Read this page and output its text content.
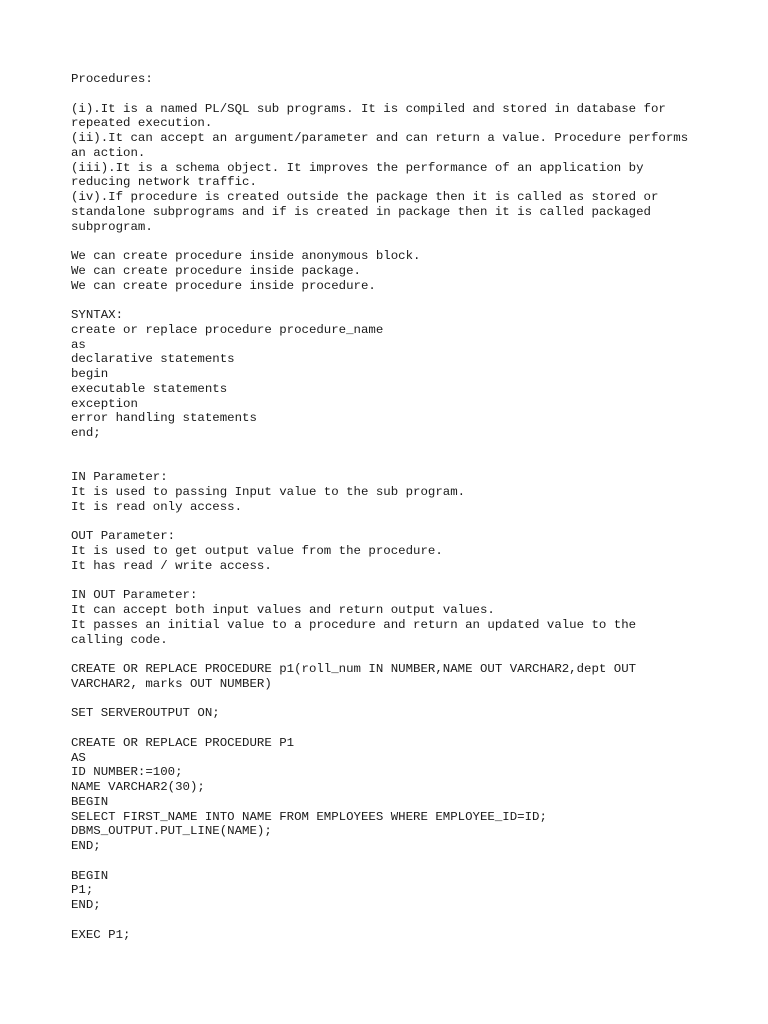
Procedures:
(i).It is a named PL/SQL sub programs. It is compiled and stored in database for
repeated execution.
(ii).It can accept an argument/parameter and can return a value. Procedure performs
an action.
(iii).It is a schema object. It improves the performance of an application by
reducing network traffic.
(iv).If procedure is created outside the package then it is called as stored or
standalone subprograms and if is created in package then it is called packaged
subprogram.
We can create procedure inside anonymous block.
We can create procedure inside package.
We can create procedure inside procedure.
SYNTAX:
create or replace procedure procedure_name
as
declarative statements
begin
executable statements
exception
error handling statements
end;
IN Parameter:
It is used to passing Input value to the sub program.
It is read only access.
OUT Parameter:
It is used to get output value from the procedure.
It has read / write access.
IN OUT Parameter:
It can accept both input values and return output values.
It passes an initial value to a procedure and return an updated value to the
calling code.
CREATE OR REPLACE PROCEDURE p1(roll_num IN NUMBER,NAME OUT VARCHAR2,dept OUT
VARCHAR2, marks OUT NUMBER)
SET SERVEROUTPUT ON;
CREATE OR REPLACE PROCEDURE P1
AS
ID NUMBER:=100;
NAME VARCHAR2(30);
BEGIN
SELECT FIRST_NAME INTO NAME FROM EMPLOYEES WHERE EMPLOYEE_ID=ID;
DBMS_OUTPUT.PUT_LINE(NAME);
END;
BEGIN
P1;
END;
EXEC P1;
